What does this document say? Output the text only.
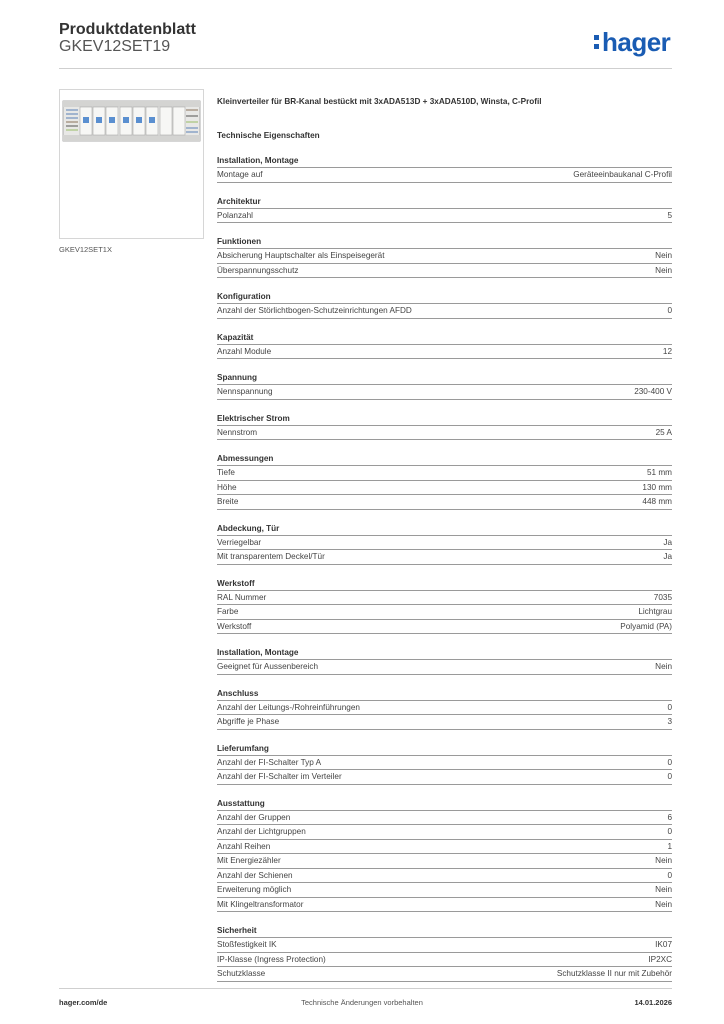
Produktdatenblatt
GKEV12SET19	hager
GKEV12SET1X
Kleinverteiler für BR-Kanal bestückt mit 3xADA513D + 3xADA510D, Winsta, C-Profil
Technische Eigenschaften
Installation, Montage
Montage auf	Geräteeinbaukanal C-Profil
Architektur
Polanzahl	5
Funktionen
Absicherung Hauptschalter als Einspeisegerät	Nein
Überspannungsschutz	Nein
Konfiguration
Anzahl der Störlichtbogen-Schutzeinrichtungen AFDD	0
Kapazität
Anzahl Module	12
Spannung
Nennspannung	230-400 V
Elektrischer Strom
Nennstrom	25 A
Abmessungen
Tiefe	51 mm
Höhe	130 mm
Breite	448 mm
Abdeckung, Tür
Verriegelbar	Ja
Mit transparentem Deckel/Tür	Ja
Werkstoff
RAL Nummer	7035
Farbe	Lichtgrau
Werkstoff	Polyamid (PA)
Installation, Montage
Geeignet für Aussenbereich	Nein
Anschluss
Anzahl der Leitungs-/Rohreinführungen	0
Abgriffe je Phase	3
Lieferumfang
Anzahl der FI-Schalter Typ A	0
Anzahl der FI-Schalter im Verteiler	0
Ausstattung
Anzahl der Gruppen	6
Anzahl der Lichtgruppen	0
Anzahl Reihen	1
Mit Energiezähler	Nein
Anzahl der Schienen	0
Erweiterung möglich	Nein
Mit Klingeltransformator	Nein
Sicherheit
Stoßfestigkeit IK	IK07
IP-Klasse (Ingress Protection)	IP2XC
Schutzklasse	Schutzklasse II nur mit Zubehör
hager.com/de	Technische Änderungen vorbehalten	14.01.2026
